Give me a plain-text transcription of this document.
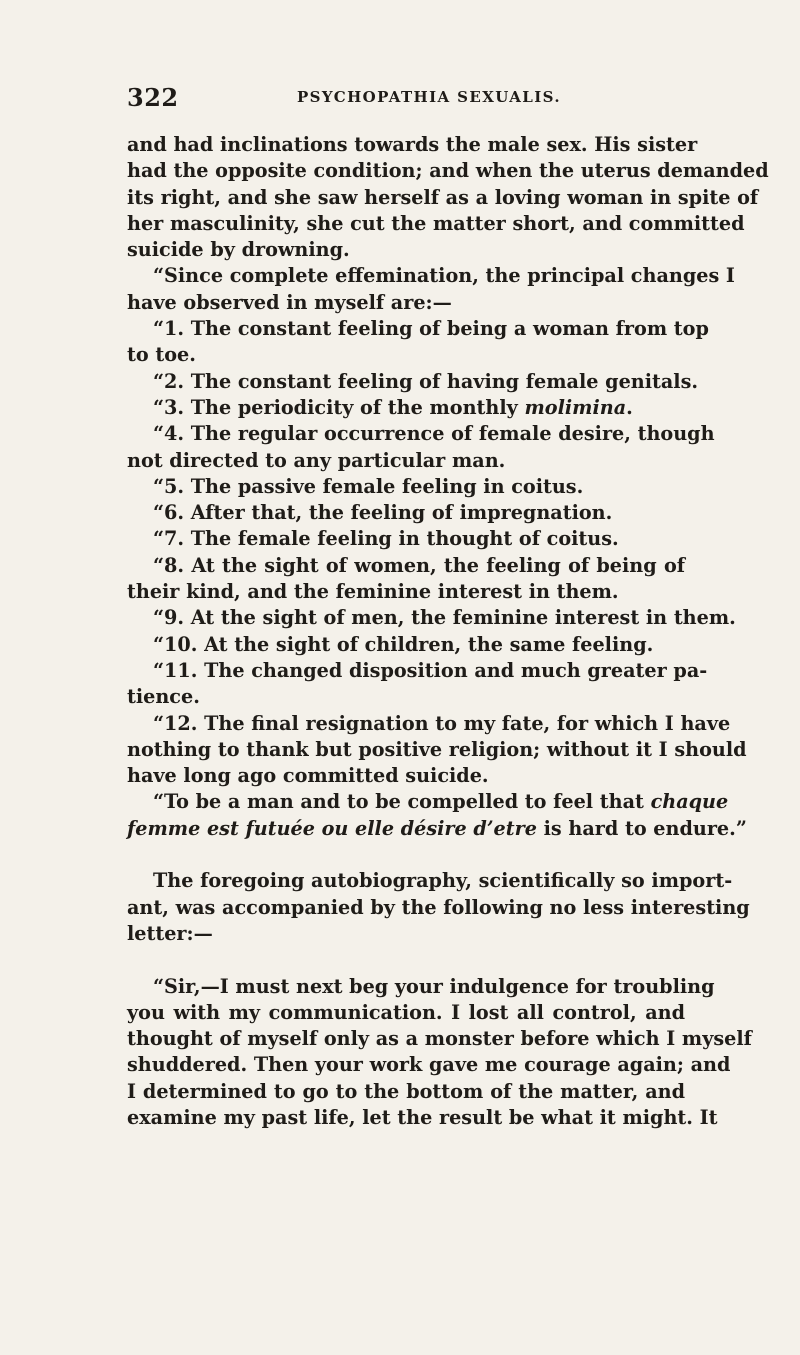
322	PSYCHOPATHIA SEXUALIS.
and had inclinations towards the male sex. His sister
had the opposite condition; and when the uterus demanded
its right, and she saw herself as a loving woman in spite of
her masculinity, she cut the matter short, and committed
suicide by drowning.
“Since complete effemination, the principal changes I
have observed in myself are:—
“1. The constant feeling of being a woman from top
to toe.
“2. The constant feeling of having female genitals.
“3. The periodicity of the monthly molimina.
“4. The regular occurrence of female desire, though
not directed to any particular man.
“5. The passive female feeling in coitus.
“6. After that, the feeling of impregnation.
“7. The female feeling in thought of coitus.
“8. At the sight of women, the feeling of being of
their kind, and the feminine interest in them.
“9. At the sight of men, the feminine interest in them.
“10. At the sight of children, the same feeling.
“11. The changed disposition and much greater pa-
tience.
“12. The final resignation to my fate, for which I have
nothing to thank but positive religion; without it I should
have long ago committed suicide.
“To be a man and to be compelled to feel that chaque
femme est futuée ou elle désire d’etre is hard to endure.”
The foregoing autobiography, scientifically so import-
ant, was accompanied by the following no less interesting
letter:—
“Sir,—I must next beg your indulgence for troubling
you with my communication. I lost all control, and
thought of myself only as a monster before which I myself
shuddered. Then your work gave me courage again; and
I determined to go to the bottom of the matter, and
examine my past life, let the result be what it might. It
